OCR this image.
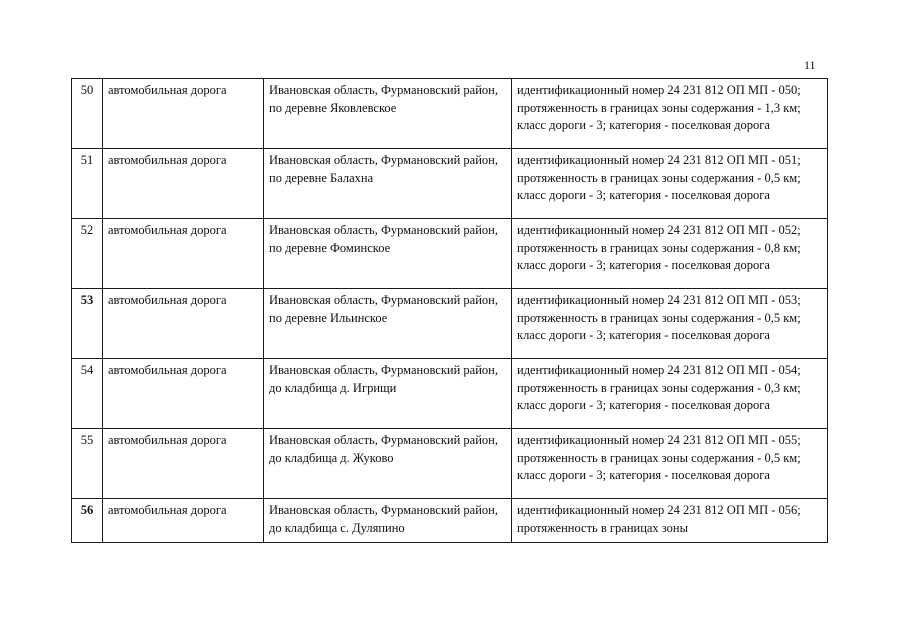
11
50	автомобильная дорога	Ивановская область, Фурмановский район, по деревне Яковлевское	идентификационный номер 24 231 812 ОП МП - 050; протяженность в границах зоны содержания - 1,3 км; класс дороги - 3; категория - поселковая дорога
51	автомобильная дорога	Ивановская область, Фурмановский район, по деревне Балахна	идентификационный номер 24 231 812 ОП МП - 051; протяженность в границах зоны содержания - 0,5 км; класс дороги - 3; категория - поселковая дорога
52	автомобильная дорога	Ивановская область, Фурмановский район, по деревне Фоминское	идентификационный номер 24 231 812 ОП МП - 052; протяженность в границах зоны содержания - 0,8 км; класс дороги - 3; категория - поселковая дорога
53	автомобильная дорога	Ивановская область, Фурмановский район, по деревне Ильинское	идентификационный номер 24 231 812 ОП МП - 053; протяженность в границах зоны содержания - 0,5 км; класс дороги - 3; категория - поселковая дорога
54	автомобильная дорога	Ивановская область, Фурмановский район, до кладбища д. Игрищи	идентификационный номер 24 231 812 ОП МП - 054; протяженность в границах зоны содержания - 0,3 км; класс дороги - 3; категория - поселковая дорога
55	автомобильная дорога	Ивановская область, Фурмановский район, до кладбища д. Жуково	идентификационный номер 24 231 812 ОП МП - 055; протяженность в границах зоны содержания - 0,5 км; класс дороги - 3; категория - поселковая дорога
56	автомобильная дорога	Ивановская область, Фурмановский район, до кладбища с. Дуляпино	идентификационный номер 24 231 812 ОП МП - 056; протяженность в границах зоны
